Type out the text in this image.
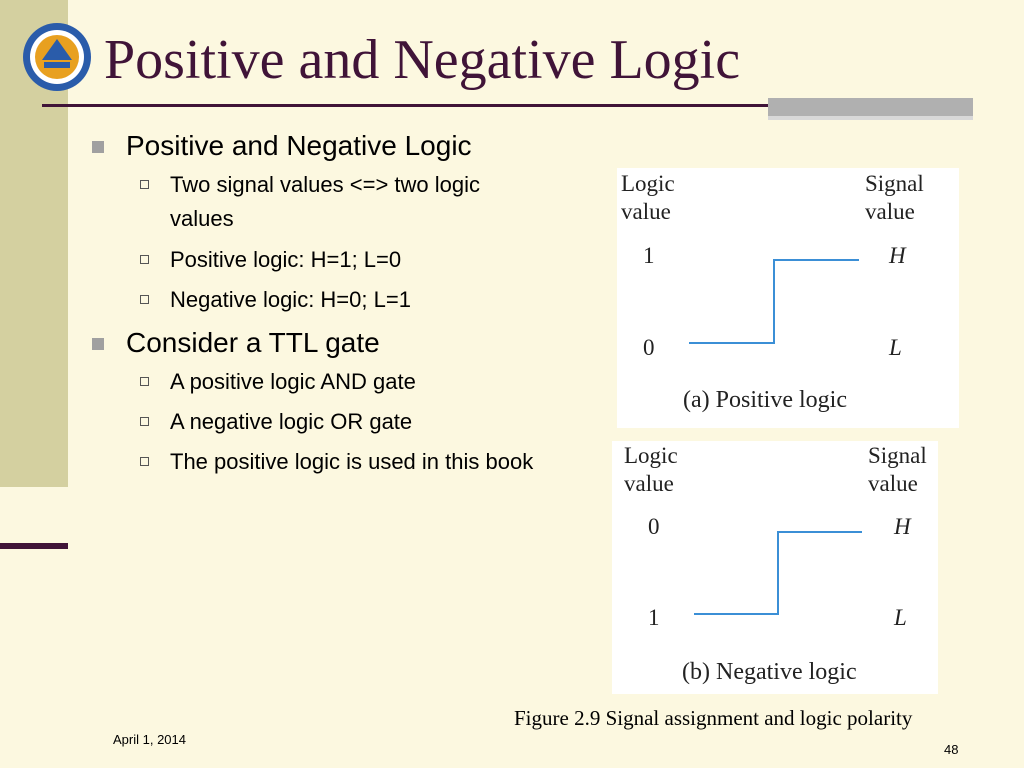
Positive and Negative Logic
Positive and Negative Logic
Two signal values <=> two logic values
Positive logic: H=1; L=0
Negative logic: H=0; L=1
Consider a TTL gate
A positive logic AND gate
A negative logic OR gate
The positive logic is used in this book
Logic value
Signal value
1	H
0	L
(a) Positive logic
Logic value
Signal value
0	H
1	L
(b) Negative logic
Figure 2.9 Signal assignment and logic polarity
April 1, 2014
48
